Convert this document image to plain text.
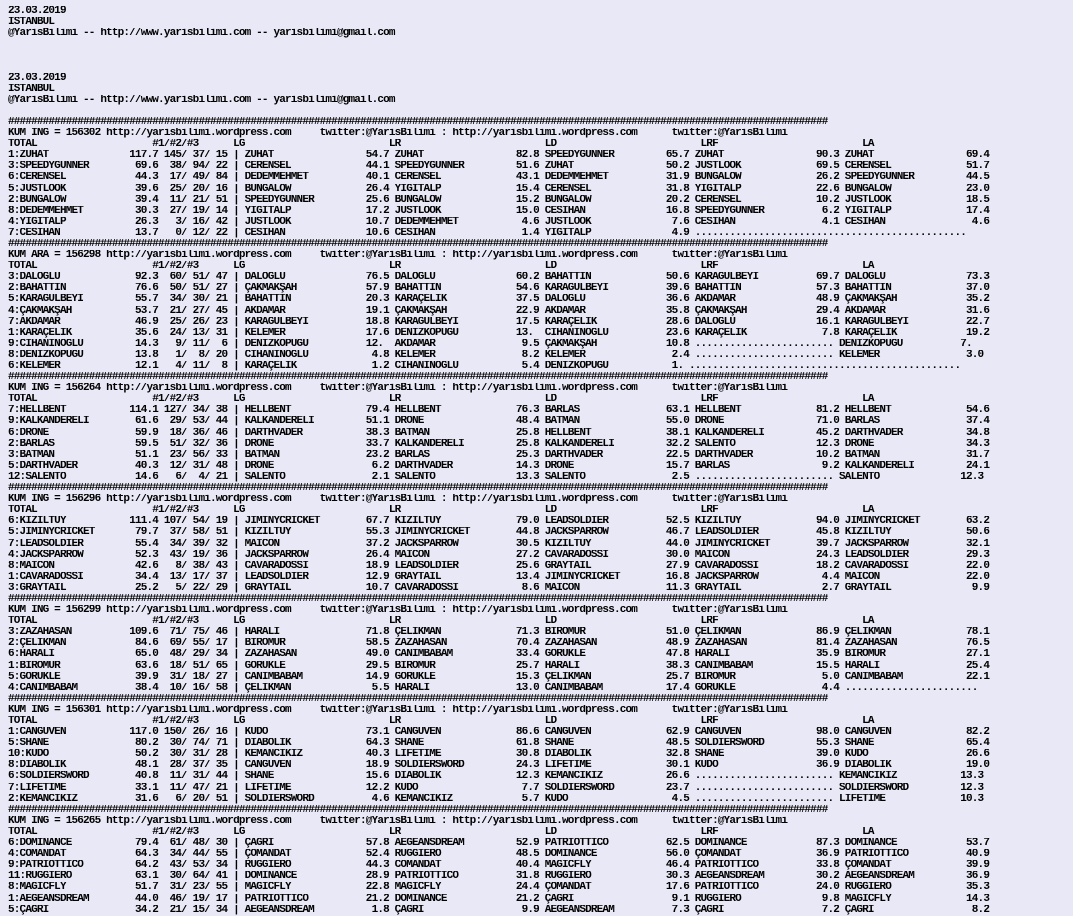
23.03.2019
ISTANBUL
@YarisBilimi -- http://www.yarisbilimi.com -- yarisbilimi@gmail.com
23.03.2019
ISTANBUL
@YarisBilimi -- http://www.yarisbilimi.com -- yarisbilimi@gmail.com
##############################################################################################################################################
KUM ING = 156302 http://yarisbilimi.wordpress.com     twitter:@YarisBilimi : http://yarisbilimi.wordpress.com      twitter:@YarisBilimi
TOTAL                    #1/#2/#3      LG                         LR                         LD                         LRF                         LA
1:ZUHAT              117.7 145/ 37/ 15 | ZUHAT                54.7 ZUHAT                82.8 SPEEDYGUNNER         65.7 ZUHAT                90.3 ZUHAT                69.4
3:SPEEDYGUNNER        69.6  38/ 94/ 22 | CERENSEL             44.1 SPEEDYGUNNER         51.6 ZUHAT                50.2 JUSTLOOK             69.5 CERENSEL             51.7
6:CERENSEL            44.3  17/ 49/ 84 | DEDEMMEHMET          40.1 CERENSEL             43.1 DEDEMMEHMET          31.9 BUNGALOW             26.2 SPEEDYGUNNER         44.5
5:JUSTLOOK            39.6  25/ 20/ 16 | BUNGALOW             26.4 YİĞİTALP             15.4 CERENSEL             31.8 YİĞİTALP             22.6 BUNGALOW             23.0
2:BUNGALOW            39.4  11/ 21/ 51 | SPEEDYGUNNER         25.6 BUNGALOW             15.2 BUNGALOW             20.2 CERENSEL             10.2 JUSTLOOK             18.5
8:DEDEMMEHMET         30.3  27/ 19/ 14 | YİĞİTALP             17.2 JUSTLOOK             15.0 CESİHAN              16.8 SPEEDYGUNNER          6.2 YİĞİTALP             17.4
4:YİĞİTALP            26.3   3/ 16/ 42 | JUSTLOOK             10.7 DEDEMMEHMET           4.6 JUSTLOOK              7.6 CESİHAN               4.1 CESİHAN               4.6
7:CESİHAN             13.7   0/ 12/ 22 | CESİHAN              10.6 CESİHAN               1.4 YİĞİTALP              4.9 ...............................................
##############################################################################################################################################
KUM ARA = 156298 http://yarisbilimi.wordpress.com     twitter:@YarisBilimi : http://yarisbilimi.wordpress.com      twitter:@YarisBilimi
TOTAL                    #1/#2/#3      LG                         LR                         LD                         LRF                         LA
3:DALOĞLU             92.3  60/ 51/ 47 | DALOĞLU              76.5 DALOĞLU              60.2 BAHATTİN             50.6 KARAGÜLBEYİ          69.7 DALOĞLU              73.3
2:BAHATTİN            76.6  50/ 51/ 27 | ÇAKMAKŞAH            57.9 BAHATTİN             54.6 KARAGÜLBEYİ          39.6 BAHATTİN             57.3 BAHATTİN             37.0
5:KARAGÜLBEYİ         55.7  34/ 30/ 21 | BAHATTİN             20.3 KARAÇELİK            37.5 DALOĞLU              36.6 AKDAMAR              48.9 ÇAKMAKŞAH            35.2
4:ÇAKMAKŞAH           53.7  21/ 27/ 45 | AKDAMAR              19.1 ÇAKMAKŞAH            22.9 AKDAMAR              35.8 ÇAKMAKŞAH            29.4 AKDAMAR              31.6
7:AKDAMAR             46.9  25/ 26/ 23 | KARAGÜLBEYİ          18.8 KARAGÜLBEYİ          17.5 KARAÇELİK            28.6 DALOĞLU              16.1 KARAGÜLBEYİ          22.7
1:KARAÇELİK           35.6  24/ 13/ 31 | KELEMER              17.6 DENİZKÖPÜĞÜ          13.  CİHANINOĞLU          23.6 KARAÇELİK             7.8 KARAÇELİK            19.2
9:CİHANINOĞLU         14.3   9/ 11/  6 | DENİZKÖPÜĞÜ          12.  AKDAMAR               9.5 ÇAKMAKŞAH            10.8 ........................ DENİZKÖPÜĞÜ          7.
8:DENİZKÖPÜĞÜ         13.8   1/  8/ 20 | CİHANINOĞLU           4.8 KELEMER               8.2 KELEMER               2.4 ........................ KELEMER               3.0
6:KELEMER             12.1   4/ 11/  8 | KARAÇELİK             1.2 CİHANINOĞLU           5.4 DENİZKÖPÜĞÜ           1. ...............................................
##############################################################################################################################################
KUM ING = 156264 http://yarisbilimi.wordpress.com     twitter:@YarisBilimi : http://yarisbilimi.wordpress.com      twitter:@YarisBilimi
TOTAL                    #1/#2/#3      LG                         LR                         LD                         LRF                         LA
7:HELLBENT           114.1 127/ 34/ 38 | HELLBENT             79.4 HELLBENT             76.3 BARLAS               63.1 HELLBENT             81.2 HELLBENT             54.6
9:KALKANDERELİ        61.6  29/ 53/ 44 | KALKANDERELİ         51.1 DRONE                48.4 BATMAN               55.0 DRONE                71.0 BARLAS               37.4
6:DRONE               59.9  18/ 36/ 46 | DARTHVADER           38.3 BATMAN               25.8 HELLBENT             38.1 KALKANDERELİ         45.2 DARTHVADER           34.8
2:BARLAS              59.5  51/ 32/ 36 | DRONE                33.7 KALKANDERELİ         25.8 KALKANDERELİ         32.2 SALENTO              12.3 DRONE                34.3
3:BATMAN              51.1  23/ 56/ 33 | BATMAN               23.2 BARLAS               25.3 DARTHVADER           22.5 DARTHVADER           10.2 BATMAN               31.7
5:DARTHVADER          40.3  12/ 31/ 48 | DRONE                 6.2 DARTHVADER           14.3 DRONE                15.7 BARLAS                9.2 KALKANDERELİ         24.1
12:SALENTO            14.6   6/  4/ 21 | SALENTO               2.1 SALENTO              13.3 SALENTO               2.5 ........................ SALENTO              12.3
##############################################################################################################################################
KUM ING = 156296 http://yarisbilimi.wordpress.com     twitter:@YarisBilimi : http://yarisbilimi.wordpress.com      twitter:@YarisBilimi
TOTAL                    #1/#2/#3      LG                         LR                         LD                         LRF                         LA
6:KIZILTÜY           111.4 107/ 54/ 19 | JIMINYCRICKET        67.7 KIZILTÜY             79.0 LEADSOLDIER          52.5 KIZILTÜY             94.0 JIMINYCRICKET        63.2
5:JIMINYCRICKET       79.7  37/ 58/ 51 | KIZILTÜY             55.3 JIMINYCRICKET        44.8 JACKSPARROW          46.7 LEADSOLDIER          45.8 KIZILTÜY             50.6
7:LEADSOLDIER         55.4  34/ 39/ 32 | MAICON               37.2 JACKSPARROW          30.5 KIZILTÜY             44.0 JIMINYCRICKET        39.7 JACKSPARROW          32.1
4:JACKSPARROW         52.3  43/ 19/ 36 | JACKSPARROW          26.4 MAICON               27.2 CAVARADOSSI          30.0 MAICON               24.3 LEADSOLDIER          29.3
8:MAICON              42.6   8/ 38/ 43 | CAVARADOSSI          18.9 LEADSOLDIER          25.6 GRAYTAIL             27.9 CAVARADOSSI          18.2 CAVARADOSSI          22.0
1:CAVARADOSSI         34.4  13/ 17/ 37 | LEADSOLDIER          12.9 GRAYTAIL             13.4 JIMINYCRICKET        16.8 JACKSPARROW           4.4 MAICON               22.0
3:GRAYTAIL            25.2   5/ 22/ 29 | GRAYTAIL             10.7 CAVARADOSSI           8.6 MAICON               11.3 GRAYTAIL              2.7 GRAYTAIL              9.9
##############################################################################################################################################
KUM ING = 156299 http://yarisbilimi.wordpress.com     twitter:@YarisBilimi : http://yarisbilimi.wordpress.com      twitter:@YarisBilimi
TOTAL                    #1/#2/#3      LG                         LR                         LD                         LRF                         LA
3:ZAZAHASAN          109.6  71/ 75/ 46 | HARALI               71.8 ÇELİKMAN             71.3 BİRÖMÜR              51.0 ÇELİKMAN             86.9 ÇELİKMAN             78.1
2:ÇELİKMAN            84.6  69/ 55/ 17 | BİRÖMÜR              58.5 ZAZAHASAN            70.4 ZAZAHASAN            48.9 ZAZAHASAN            81.4 ZAZAHASAN            76.5
6:HARALI              65.0  48/ 29/ 34 | ZAZAHASAN            49.0 CANIMBABAM           33.4 GÖRÜKLE              47.8 HARALI               35.9 BİRÖMÜR              27.1
1:BİRÖMÜR             63.6  18/ 51/ 65 | GÖRÜKLE              29.5 BİRÖMÜR              25.7 HARALI               38.3 CANIMBABAM           15.5 HARALI               25.4
5:GÖRÜKLE             39.9  31/ 18/ 27 | CANIMBABAM           14.9 GÖRÜKLE              15.3 ÇELİKMAN             25.7 BİRÖMÜR               5.0 CANIMBABAM           22.1
4:CANIMBABAM          38.4  10/ 16/ 58 | ÇELİKMAN              5.5 HARALI               13.0 CANIMBABAM           17.4 GÖRÜKLE               4.4 .......................
##############################################################################################################################################
KUM ING = 156301 http://yarisbilimi.wordpress.com     twitter:@YarisBilimi : http://yarisbilimi.wordpress.com      twitter:@YarisBilimi
TOTAL                    #1/#2/#3      LG                         LR                         LD                         LRF                         LA
1:CANGUVEN           117.0 150/ 26/ 16 | KUDO                 73.1 CANGUVEN             86.6 CANGUVEN             62.9 CANGUVEN             98.0 CANGUVEN             82.2
5:SHANE               80.2  30/ 74/ 71 | DİABOLİK             64.3 SHANE                61.8 SHANE                48.5 SOLDIERSWORD         55.3 SHANE                65.4
10:KUDO               50.2  30/ 31/ 28 | KEMANCIKIZ           40.3 LIFETIME             30.8 DİABOLİK             32.8 SHANE                39.0 KUDO                 26.6
8:DİABOLİK            48.1  28/ 37/ 35 | CANGUVEN             18.9 SOLDIERSWORD         24.3 LIFETIME             30.1 KUDO                 36.9 DİABOLİK             19.0
6:SOLDIERSWORD        40.8  11/ 31/ 44 | SHANE                15.6 DİABOLİK             12.3 KEMANCIKIZ           26.6 ........................ KEMANCIKIZ           13.3
7:LIFETIME            33.1  11/ 47/ 21 | LIFETIME             12.2 KUDO                  7.7 SOLDIERSWORD         23.7 ........................ SOLDIERSWORD         12.3
2:KEMANCIKIZ          31.6   6/ 20/ 51 | SOLDIERSWORD          4.6 KEMANCIKIZ            5.7 KUDO                  4.5 ........................ LIFETIME             10.3
##############################################################################################################################################
KUM ING = 156265 http://yarisbilimi.wordpress.com     twitter:@YarisBilimi : http://yarisbilimi.wordpress.com      twitter:@YarisBilimi
TOTAL                    #1/#2/#3      LG                         LR                         LD                         LRF                         LA
6:DOMINANCE           79.4  61/ 48/ 30 | ÇAĞRI                57.8 AEGEANSDREAM         52.9 PATRIOTTICO          62.5 DOMINANCE            87.3 DOMINANCE            53.7
4:COMANDAT            64.3  34/ 44/ 55 | ÇOMANDAT             52.4 RUGGIERO             48.5 DOMINANCE            56.0 ÇOMANDAT             36.9 PATRIOTTICO          40.9
9:PATRIOTTICO         64.2  43/ 53/ 34 | RUGGIERO             44.3 COMANDAT             40.4 MAGICFLY             46.4 PATRIOTTICO          33.8 ÇOMANDAT             39.9
11:RUGGIERO           63.1  30/ 64/ 41 | DOMINANCE            28.9 PATRIOTTICO          31.8 RUGGIERO             30.3 AEGEANSDREAM         30.2 AEGEANSDREAM         36.9
8:MAGICFLY            51.7  31/ 23/ 55 | MAGICFLY             22.8 MAGICFLY             24.4 ÇOMANDAT             17.6 PATRIOTTICO          24.0 RUGGIERO             35.3
1:AEGEANSDREAM        44.0  46/ 19/ 17 | PATRIOTTICO          21.2 DOMINANCE            21.2 ÇAĞRI                 9.1 RUGGIERO              9.8 MAGICFLY             14.3
5:ÇAĞRI               34.2  21/ 15/ 34 | AEGEANSDREAM          1.8 ÇAĞRI                 9.9 AEGEANSDREAM          7.3 ÇAĞRI                 7.2 ÇAĞRI                 8.2
